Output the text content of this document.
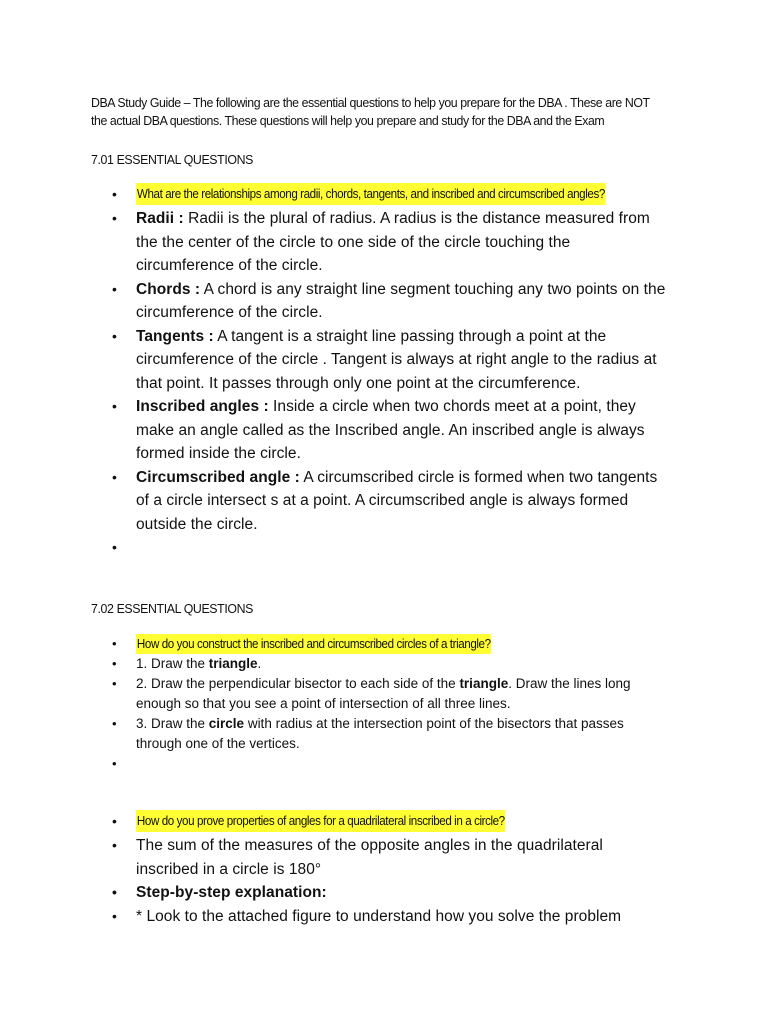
DBA Study Guide – The following are the essential questions to help you prepare for the DBA . These are NOT the actual DBA questions. These questions will help you prepare and study for the DBA and the Exam
7.01 ESSENTIAL QUESTIONS
• What are the relationships among radii, chords, tangents, and inscribed and circumscribed angles?
• Radii : Radii is the plural of radius. A radius is the distance measured from the the center of the circle to one side of the circle touching the circumference of the circle.
• Chords : A chord is any straight line segment touching any two points on the circumference of the circle.
• Tangents : A tangent is a straight line passing through a point at the circumference of the circle . Tangent is always at right angle to the radius at that point. It passes through only one point at the circumference.
• Inscribed angles : Inside a circle when two chords meet at a point, they make an angle called as the Inscribed angle. An inscribed angle is always formed inside the circle.
• Circumscribed angle : A circumscribed circle is formed when two tangents of a circle intersect s at a point. A circumscribed angle is always formed outside the circle.
•
7.02 ESSENTIAL QUESTIONS
• How do you construct the inscribed and circumscribed circles of a triangle?
• 1. Draw the triangle.
• 2. Draw the perpendicular bisector to each side of the triangle. Draw the lines long enough so that you see a point of intersection of all three lines.
• 3. Draw the circle with radius at the intersection point of the bisectors that passes through one of the vertices.
•
• How do you prove properties of angles for a quadrilateral inscribed in a circle?
• The sum of the measures of the opposite angles in the quadrilateral inscribed in a circle is 180°
• Step-by-step explanation:
• * Look to the attached figure to understand how you solve the problem
